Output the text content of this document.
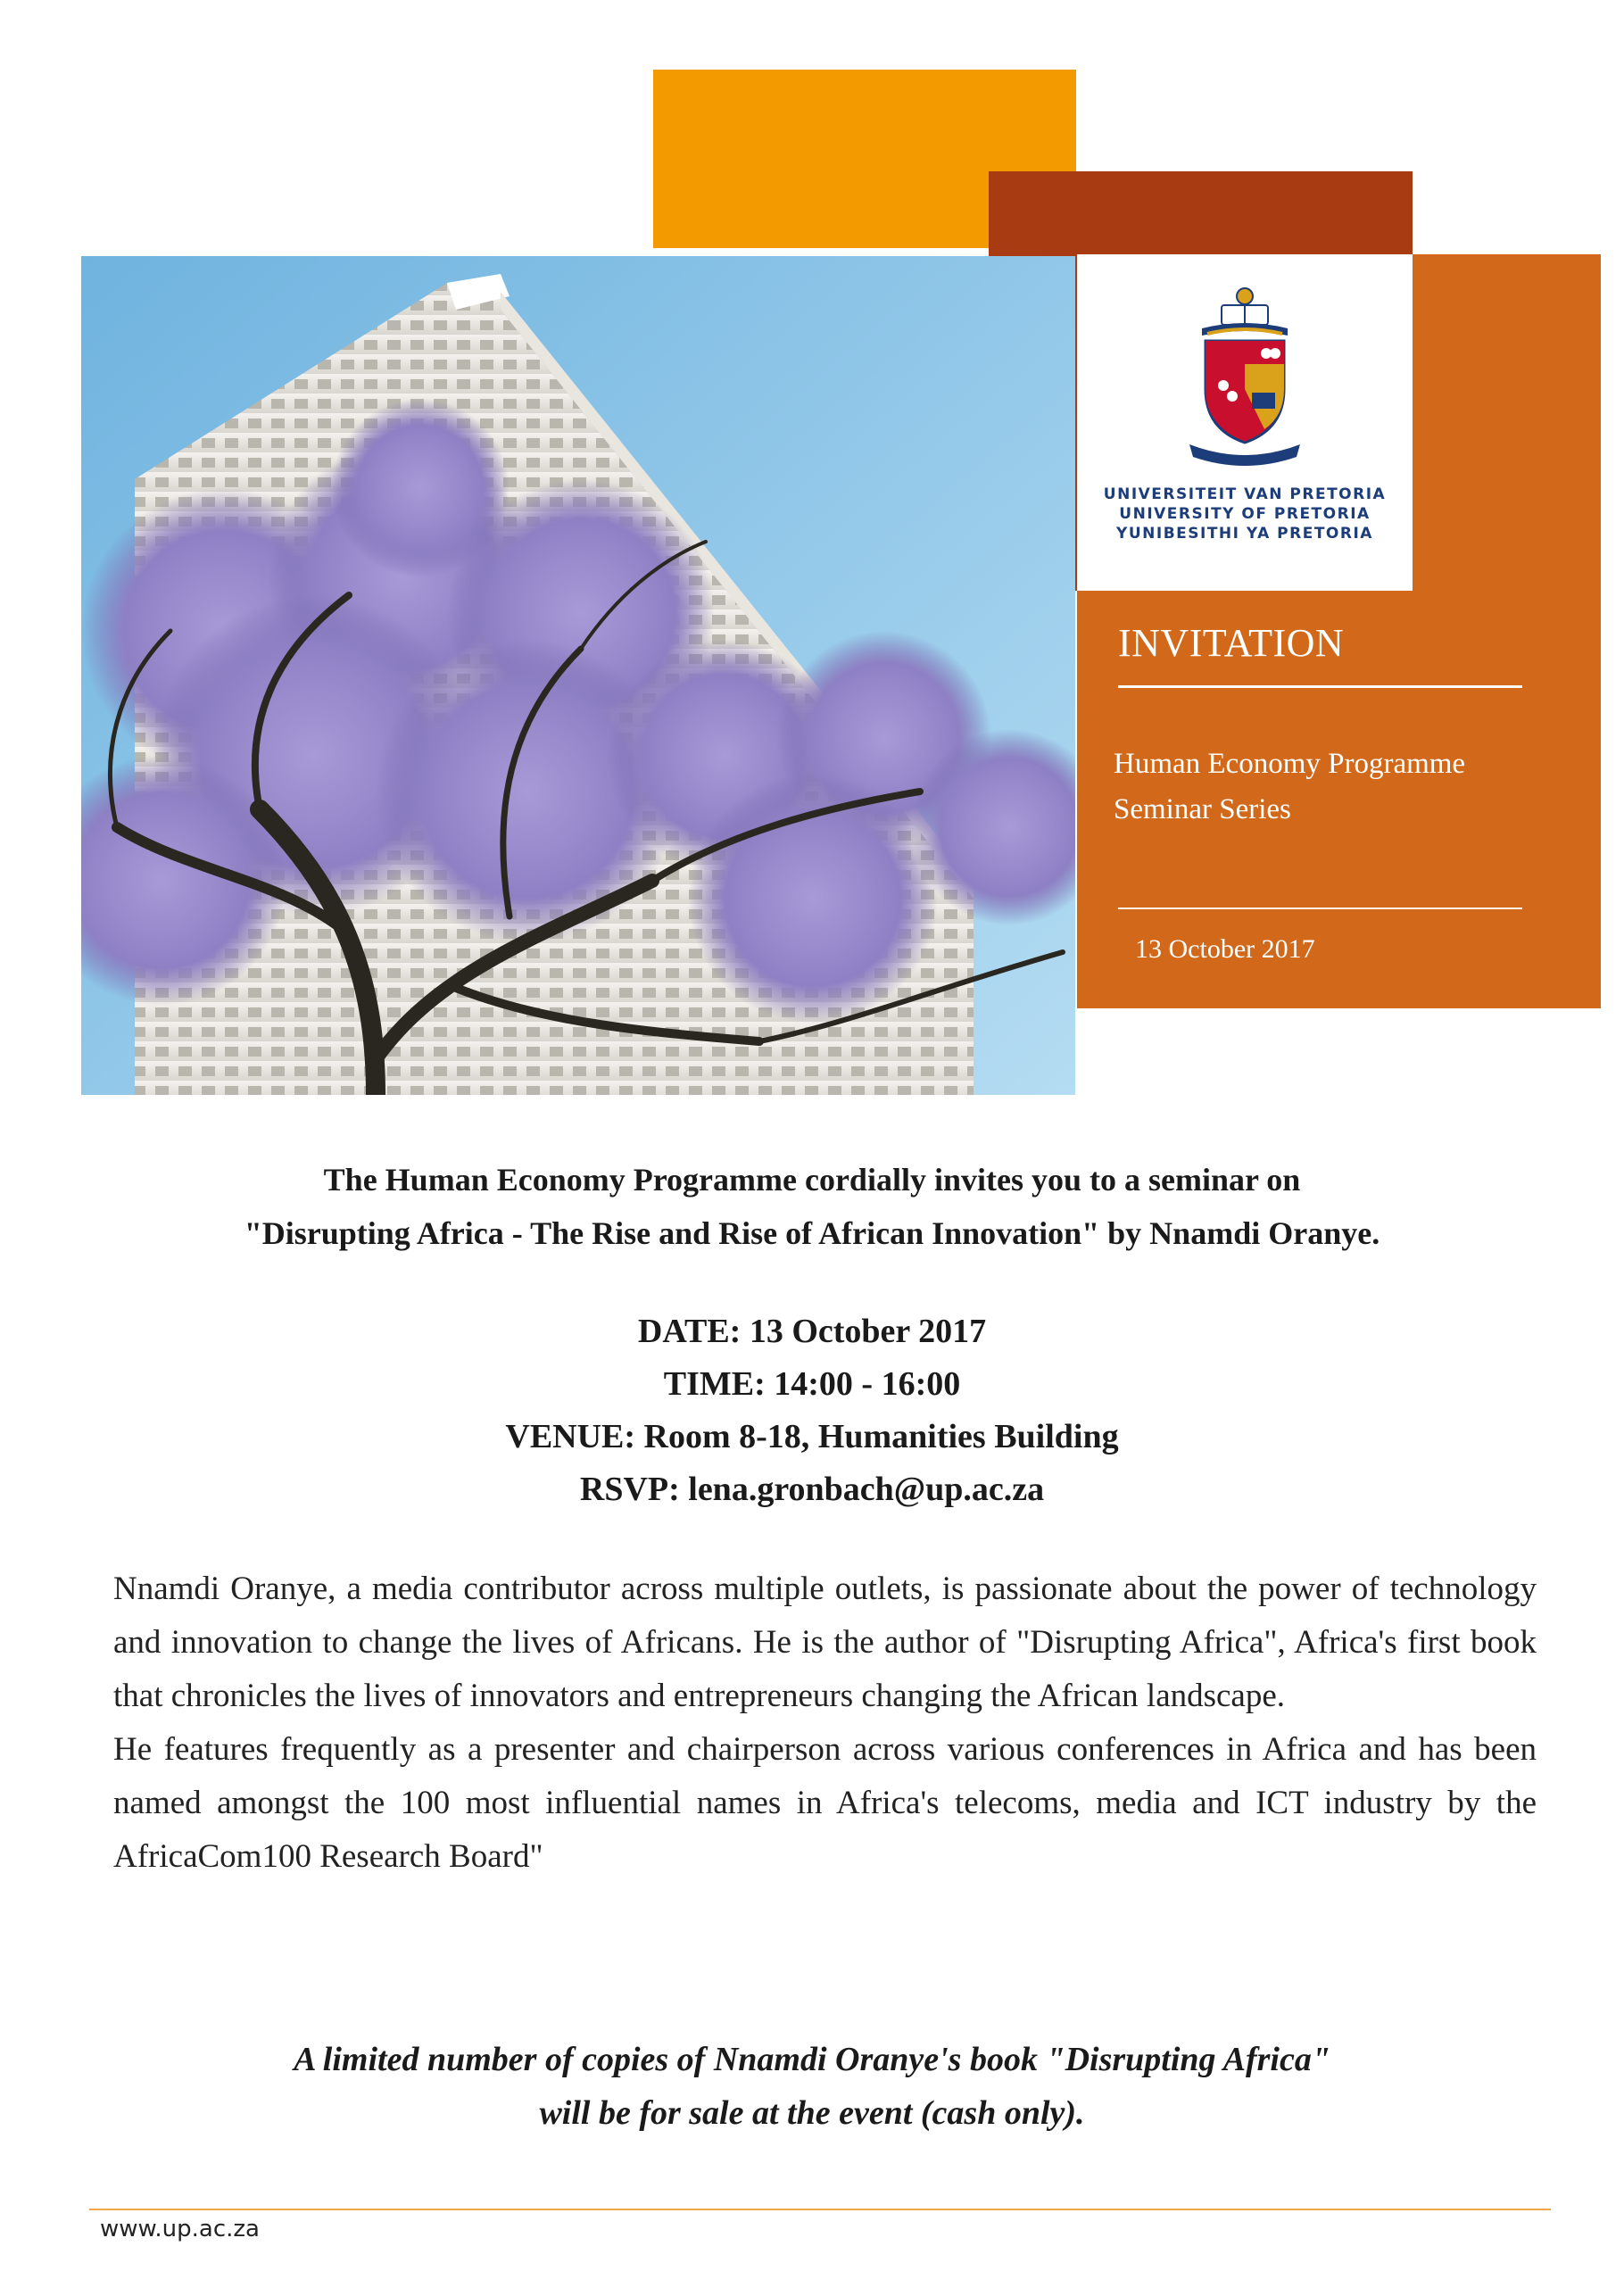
UNIVERSITEIT VAN PRETORIA
UNIVERSITY OF PRETORIA
YUNIBESITHI YA PRETORIA
INVITATION
Human Economy Programme
Seminar Series
13 October 2017
The Human Economy Programme cordially invites you to a seminar on
"Disrupting Africa - The Rise and Rise of African Innovation" by Nnamdi Oranye.
DATE: 13 October 2017
TIME: 14:00 - 16:00
VENUE: Room 8-18, Humanities Building
RSVP: lena.gronbach@up.ac.za

Nnamdi Oranye, a media contributor across multiple outlets, is passionate about the power of technology and innovation to change the lives of Africans. He is the author of "Disrupting Africa", Africa's first book that chronicles the lives of innovators and entrepreneurs changing the African landscape.

He features frequently as a presenter and chairperson across various conferences in Africa and has been named amongst the 100 most influential names in Africa's telecoms, media and ICT industry by the AfricaCom100 Research Board"

A limited number of copies of Nnamdi Oranye's book "Disrupting Africa"
will be for sale at the event (cash only).
www.up.ac.za
